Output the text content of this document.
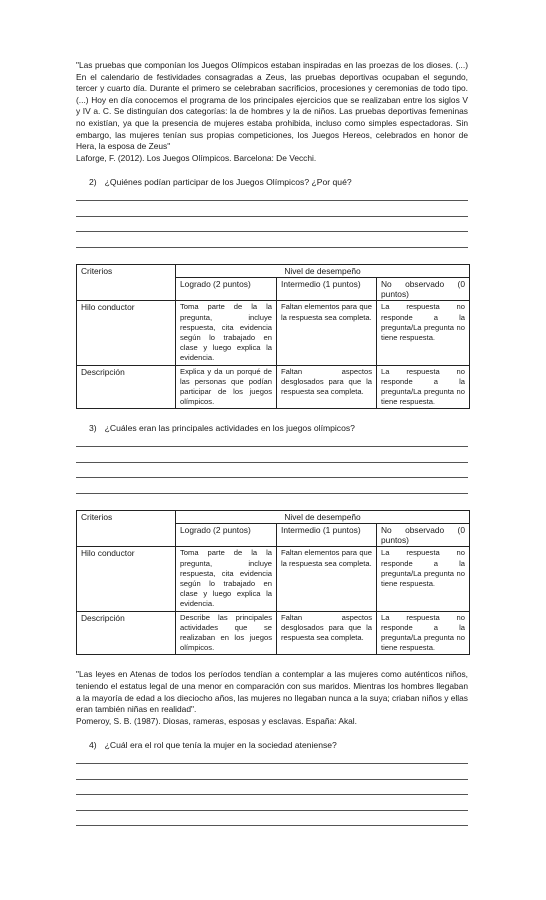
"Las pruebas que componían los Juegos Olímpicos estaban inspiradas en las proezas de los dioses. (...) En el calendario de festividades consagradas a Zeus, las pruebas deportivas ocupaban el segundo, tercer y cuarto día. Durante el primero se celebraban sacrificios, procesiones y ceremonias de todo tipo. (...) Hoy en día conocemos el programa de los principales ejercicios que se realizaban entre los siglos V y IV a. C. Se distinguían dos categorías: la de hombres y la de niños. Las pruebas deportivas femeninas no existían, ya que la presencia de mujeres estaba prohibida, incluso como simples espectadoras. Sin embargo, las mujeres tenían sus propias competiciones, los Juegos Hereos, celebrados en honor de Hera, la esposa de Zeus"

Laforge, F. (2012). Los Juegos Olímpicos. Barcelona: De Vecchi.

2) ¿Quiénes podían participar de los Juegos Olímpicos? ¿Por qué?

Criterios	Nivel de desempeño		
	Logrado (2 puntos)	Intermedio (1 puntos)	No observado (0
puntos)
Hilo conductor	Toma parte de la la pregunta, incluye respuesta, cita evidencia según lo trabajado en clase y luego explica la evidencia.	Faltan elementos para que la respuesta sea completa.	La respuesta no responde a la pregunta/La pregunta no tiene respuesta.

Descripción	Explica y da un porqué de las personas que podían participar de los juegos olímpicos.	Faltan aspectos desglosados para que la respuesta sea completa.	La respuesta no responde a la pregunta/La pregunta no tiene respuesta.

3) ¿Cuáles eran las principales actividades en los juegos olímpicos?

Criterios	Nivel de desempeño		
	Logrado (2 puntos)	Intermedio (1 puntos)	No observado (0
puntos)
Hilo conductor	Toma parte de la la pregunta, incluye respuesta, cita evidencia según lo trabajado en clase y luego explica la evidencia.	Faltan elementos para que la respuesta sea completa.	La respuesta no responde a la pregunta/La pregunta no tiene respuesta.

Descripción	Describe las principales actividades que se realizaban en los juegos olímpicos.	Faltan aspectos desglosados para que la respuesta sea completa.	La respuesta no responde a la pregunta/La pregunta no tiene respuesta.

"Las leyes en Atenas de todos los períodos tendían a contemplar a las mujeres como auténticos niños, teniendo el estatus legal de una menor en comparación con sus maridos. Mientras los hombres llegaban a la mayoría de edad a los dieciocho años, las mujeres no llegaban nunca a la suya; criaban niños y ellas eran también niñas en realidad".

Pomeroy, S. B. (1987). Diosas, rameras, esposas y esclavas. España: Akal.

4) ¿Cuál era el rol que tenía la mujer en la sociedad ateniense?
